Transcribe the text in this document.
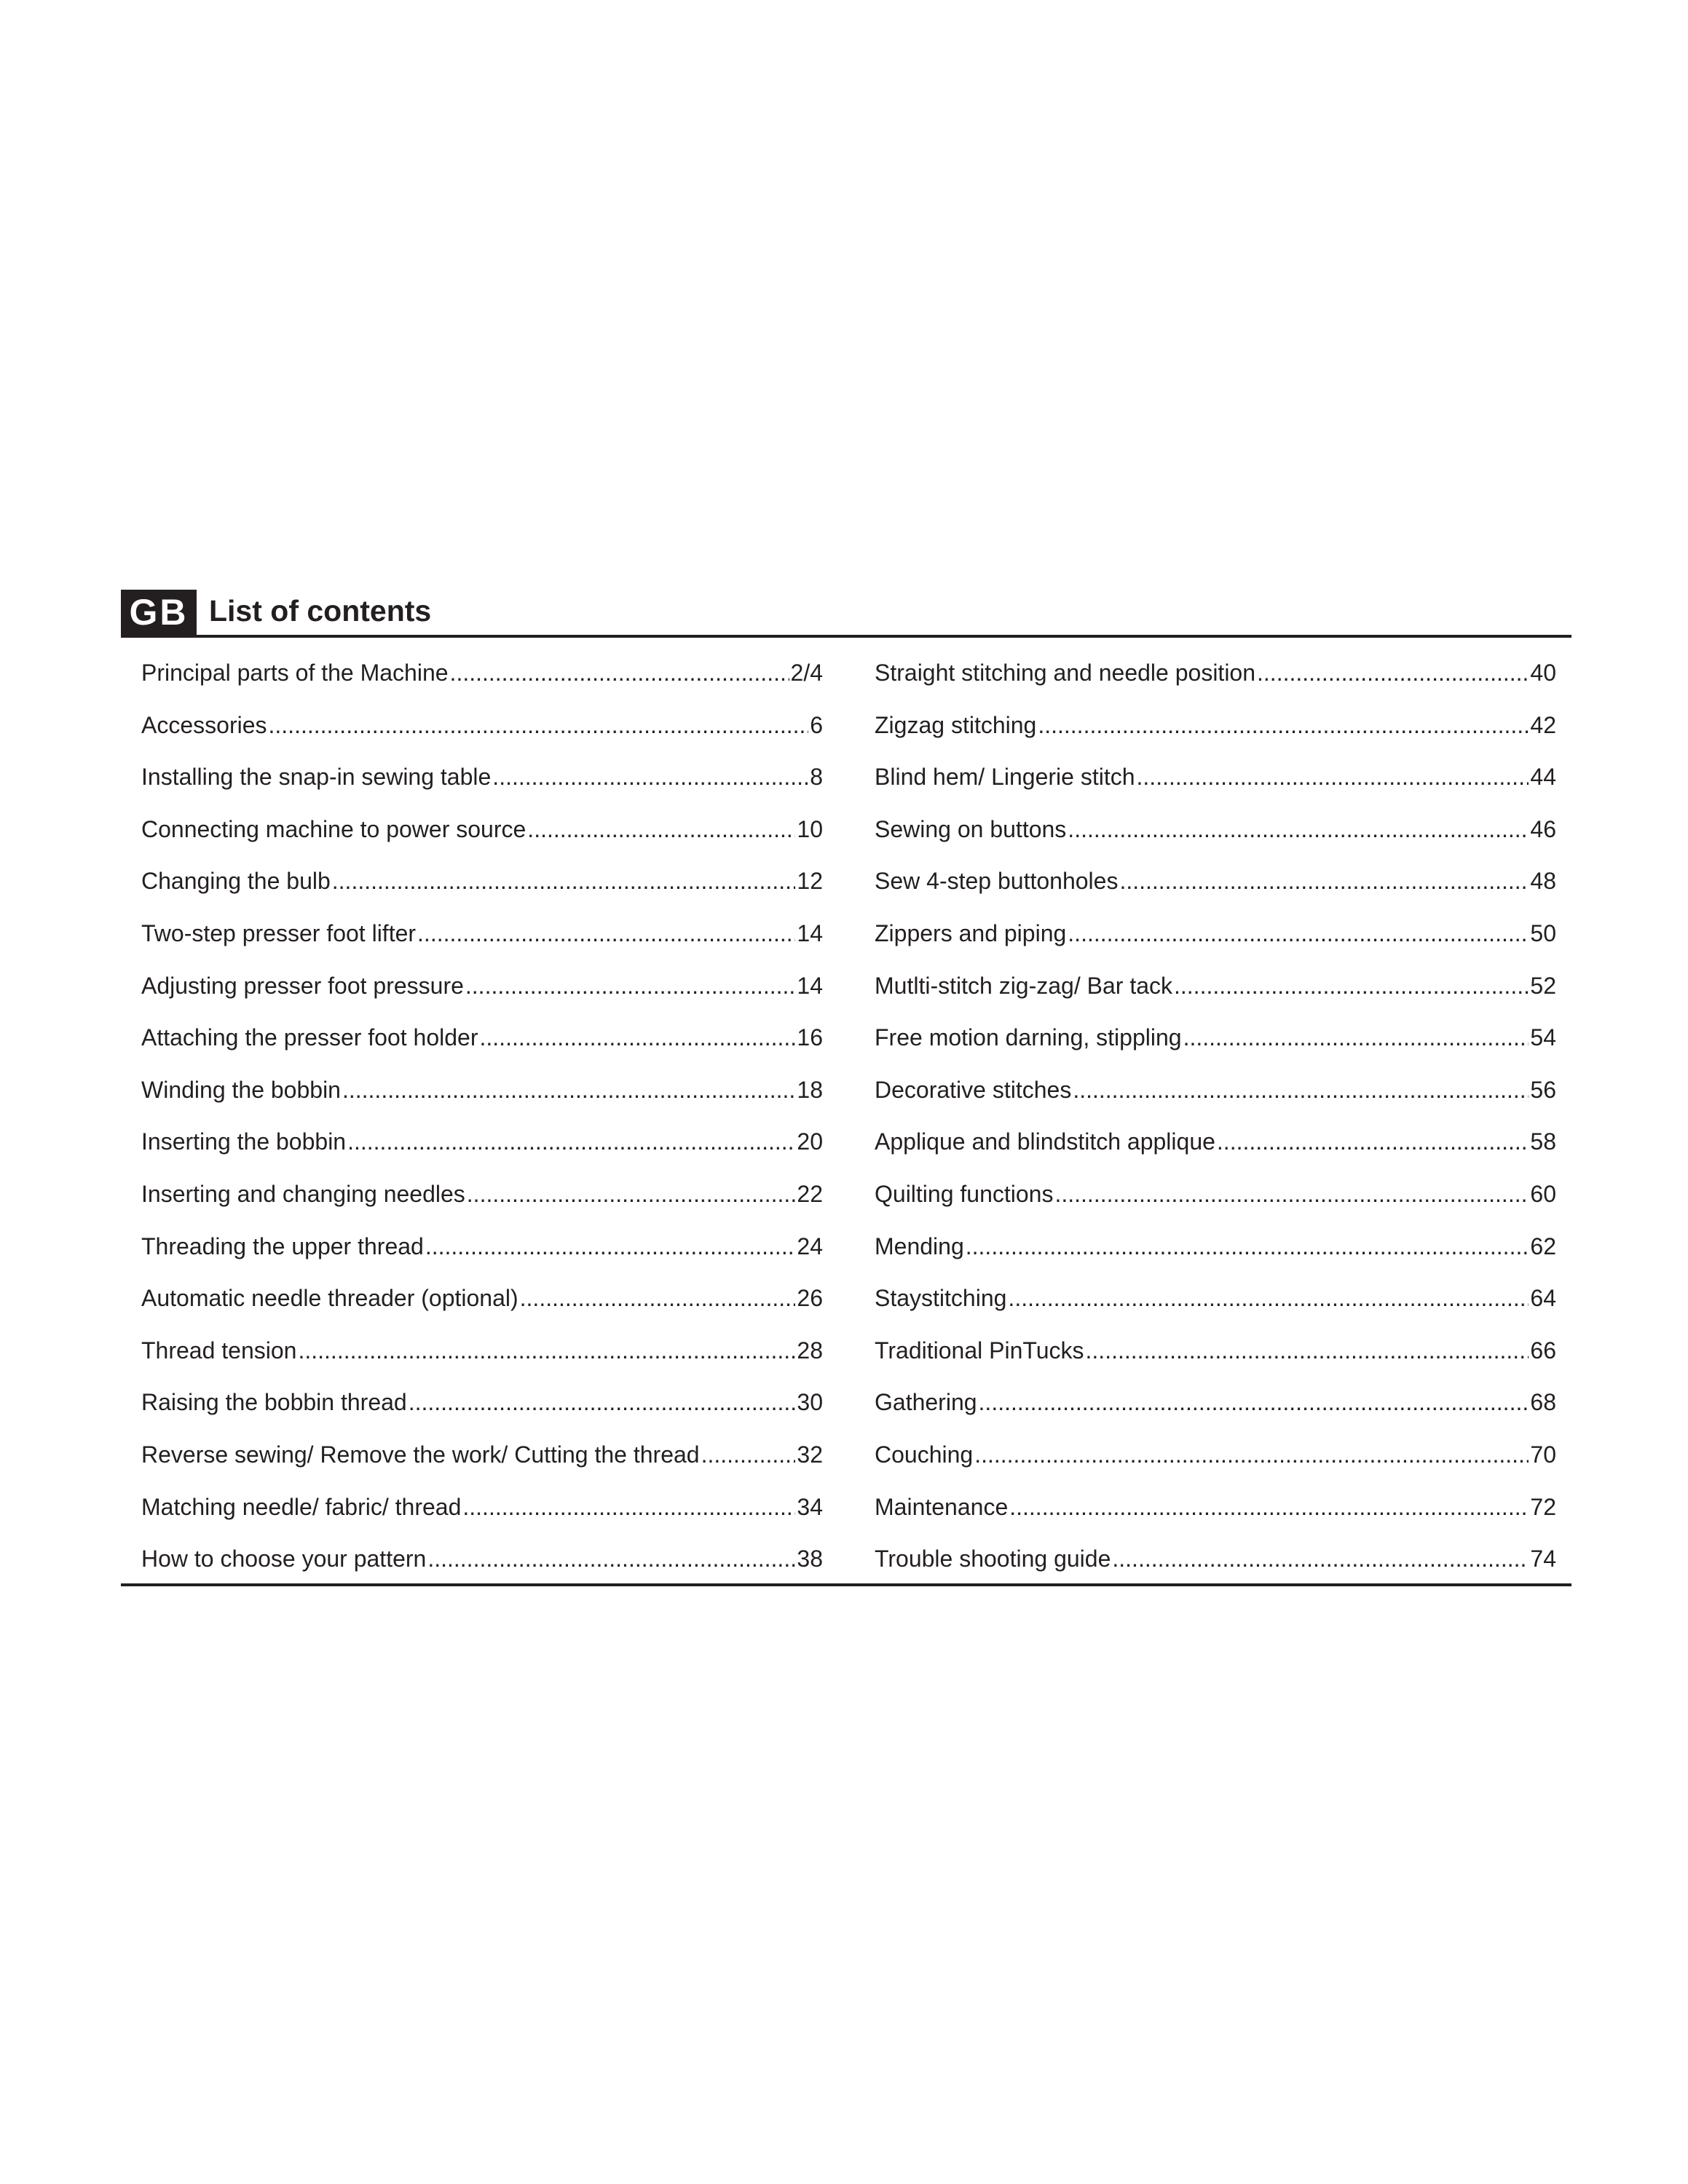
GB List of contents
Principal parts of the Machine .....	2/4
Accessories .....	6
Installing the snap-in sewing table .....	8
Connecting machine to power source .....	10
Changing the bulb .....	12
Two-step presser foot lifter .....	14
Adjusting presser foot pressure .....	14
Attaching the presser foot holder .....	16
Winding the bobbin .....	18
Inserting the bobbin .....	20
Inserting and changing needles .....	22
Threading the upper thread .....	24
Automatic needle threader (optional) .....	26
Thread tension .....	28
Raising the bobbin thread .....	30
Reverse sewing/ Remove the work/ Cutting the thread .....	32
Matching needle/ fabric/ thread .....	34
How to choose your pattern .....	38
Straight stitching and needle position .....	40
Zigzag stitching .....	42
Blind hem/ Lingerie stitch .....	44
Sewing on buttons .....	46
Sew 4-step buttonholes .....	48
Zippers and piping .....	50
Mutlti-stitch zig-zag/ Bar tack .....	52
Free motion darning, stippling .....	54
Decorative stitches .....	56
Applique and blindstitch applique .....	58
Quilting functions .....	60
Mending .....	62
Staystitching .....	64
Traditional PinTucks .....	66
Gathering .....	68
Couching .....	70
Maintenance .....	72
Trouble shooting guide .....	74
